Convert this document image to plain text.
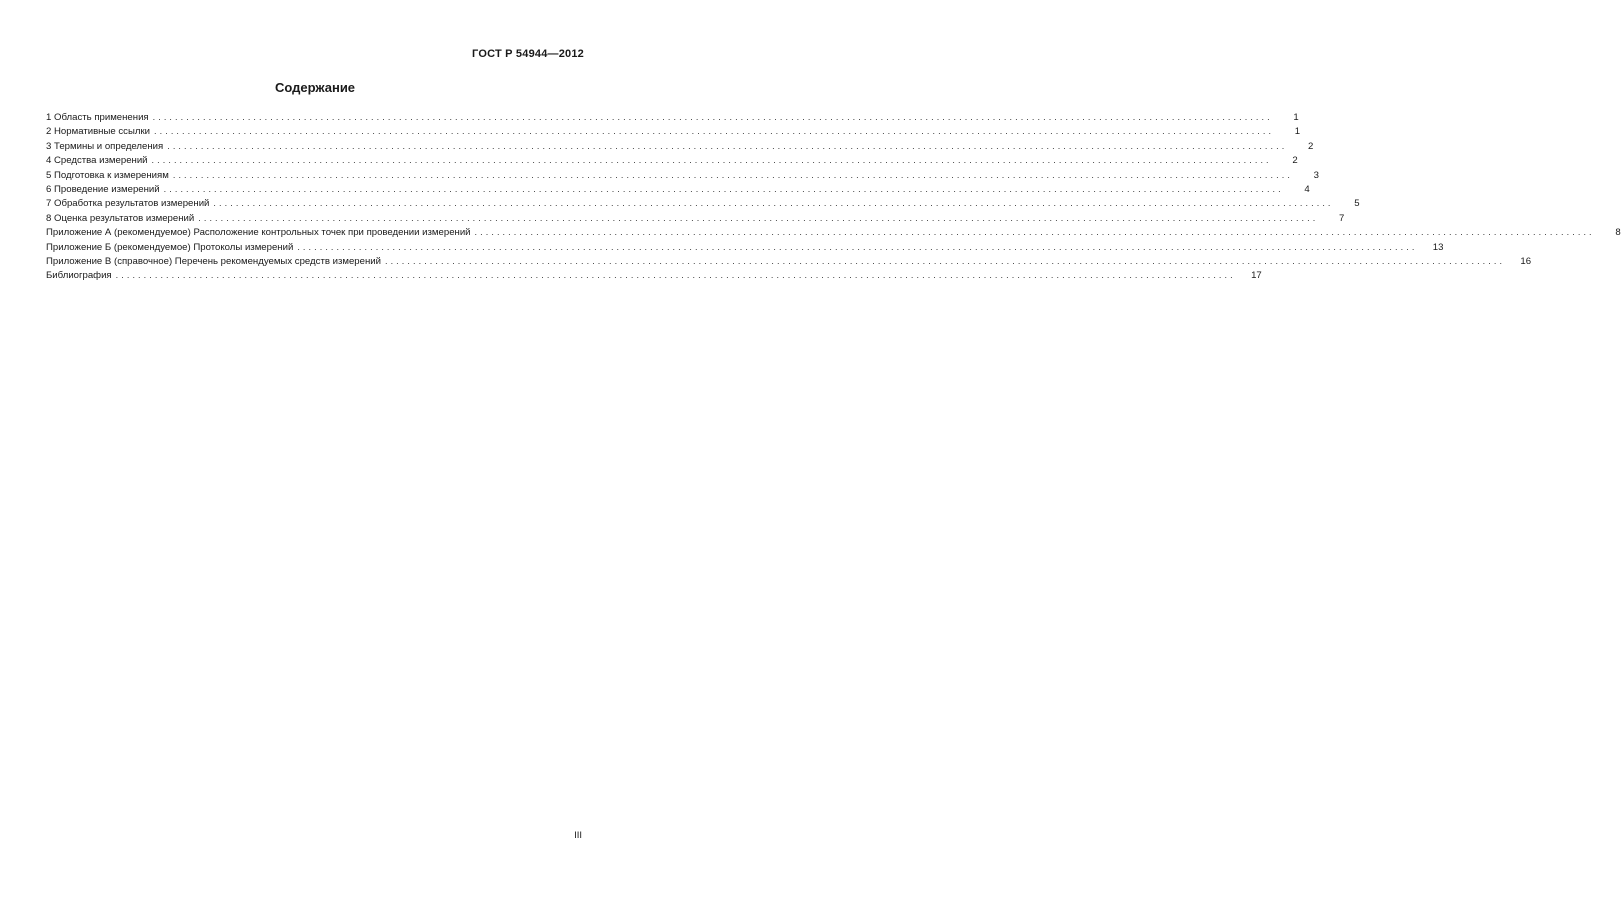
ГОСТ Р 54944—2012
Содержание
1 Область применения ........................................................................................................................................................................................................	1
2 Нормативные ссылки ........................................................................................................................................................................................................	1
3 Термины и определения ........................................................................................................................................................................................................	2
4 Средства измерений ........................................................................................................................................................................................................	2
5 Подготовка к измерениям ........................................................................................................................................................................................................	3
6 Проведение измерений ........................................................................................................................................................................................................	4
7 Обработка результатов измерений ........................................................................................................................................................................................................	5
8 Оценка результатов измерений ........................................................................................................................................................................................................	7
Приложение А (рекомендуемое) Расположение контрольных точек при проведении измерений ........................................................................................................................................................................................................	8
Приложение Б (рекомендуемое) Протоколы измерений ........................................................................................................................................................................................................	13
Приложение В (справочное) Перечень рекомендуемых средств измерений ........................................................................................................................................................................................................	16
Библиография ........................................................................................................................................................................................................	17
III
